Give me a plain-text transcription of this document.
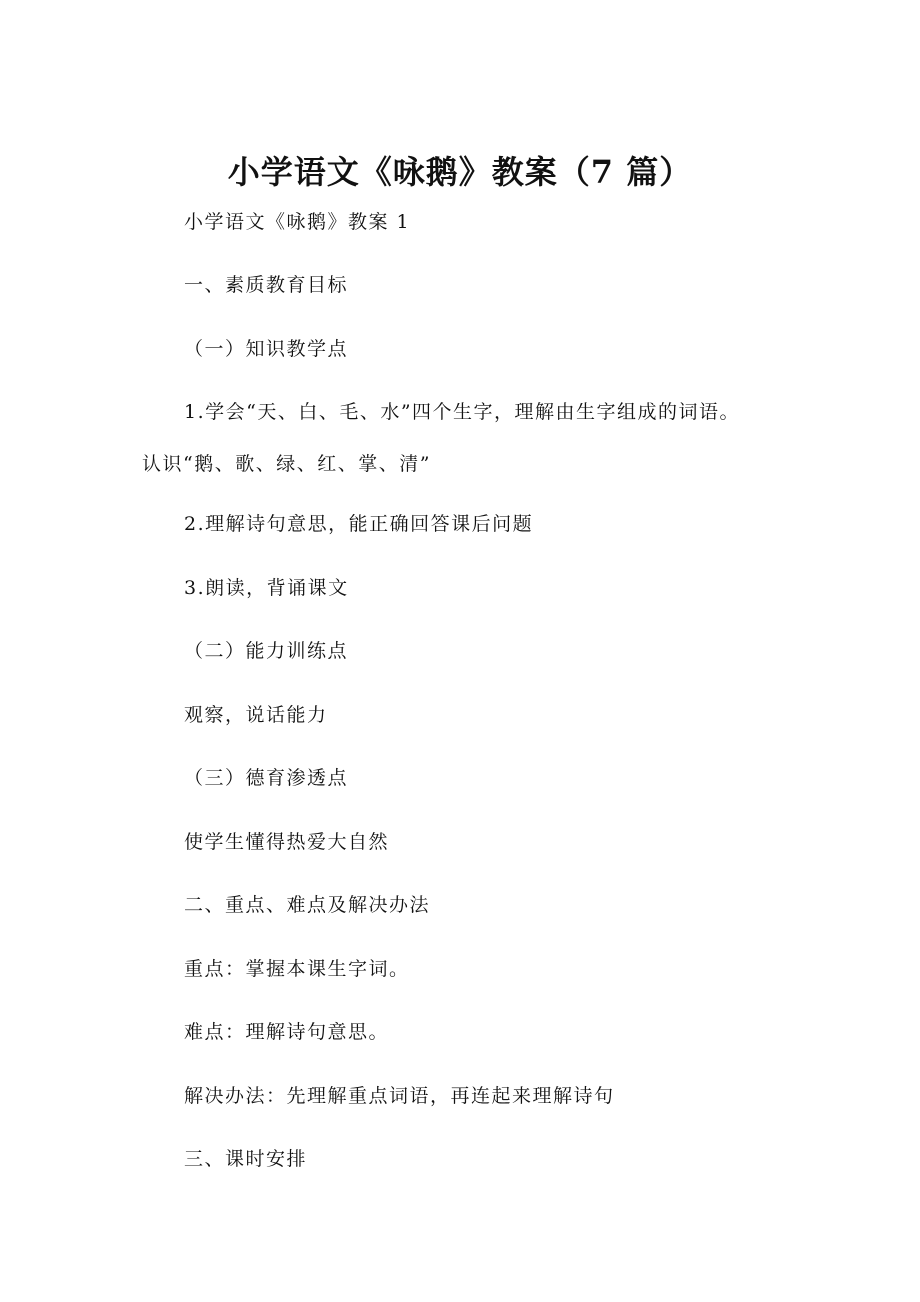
小学语文《咏鹅》教案（7 篇）
小学语文《咏鹅》教案 1
一、素质教育目标
（一）知识教学点
1.学会“天、白、毛、水”四个生字，理解由生字组成的词语。
认识“鹅、歌、绿、红、掌、清”
2.理解诗句意思，能正确回答课后问题
3.朗读，背诵课文
（二）能力训练点
观察，说话能力
（三）德育渗透点
使学生懂得热爱大自然
二、重点、难点及解决办法
重点：掌握本课生字词。
难点：理解诗句意思。
解决办法：先理解重点词语，再连起来理解诗句
三、课时安排
